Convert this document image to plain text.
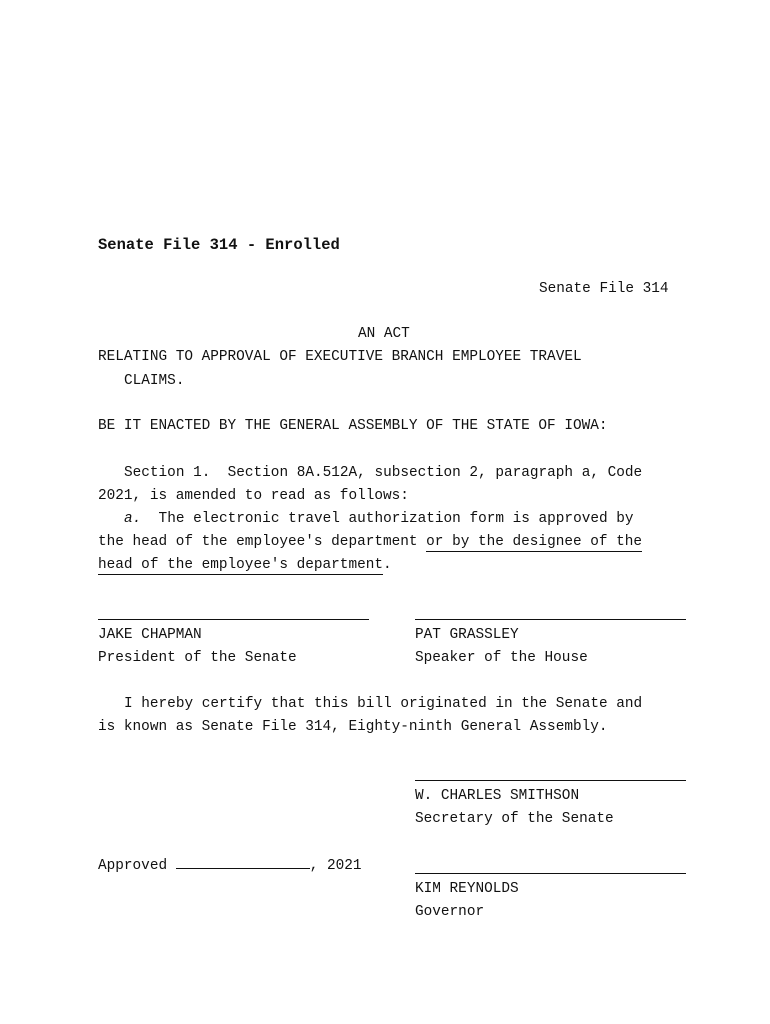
Senate File 314 - Enrolled
Senate File 314
AN ACT
RELATING TO APPROVAL OF EXECUTIVE BRANCH EMPLOYEE TRAVEL
CLAIMS.
BE IT ENACTED BY THE GENERAL ASSEMBLY OF THE STATE OF IOWA:
Section 1.  Section 8A.512A, subsection 2, paragraph a, Code
2021, is amended to read as follows:
a.  The electronic travel authorization form is approved by
the head of the employee's department or by the designee of the
head of the employee's department.
JAKE CHAPMAN
President of the Senate
PAT GRASSLEY
Speaker of the House
I hereby certify that this bill originated in the Senate and
is known as Senate File 314, Eighty-ninth General Assembly.
W. CHARLES SMITHSON
Secretary of the Senate
Approved	, 2021
KIM REYNOLDS
Governor
